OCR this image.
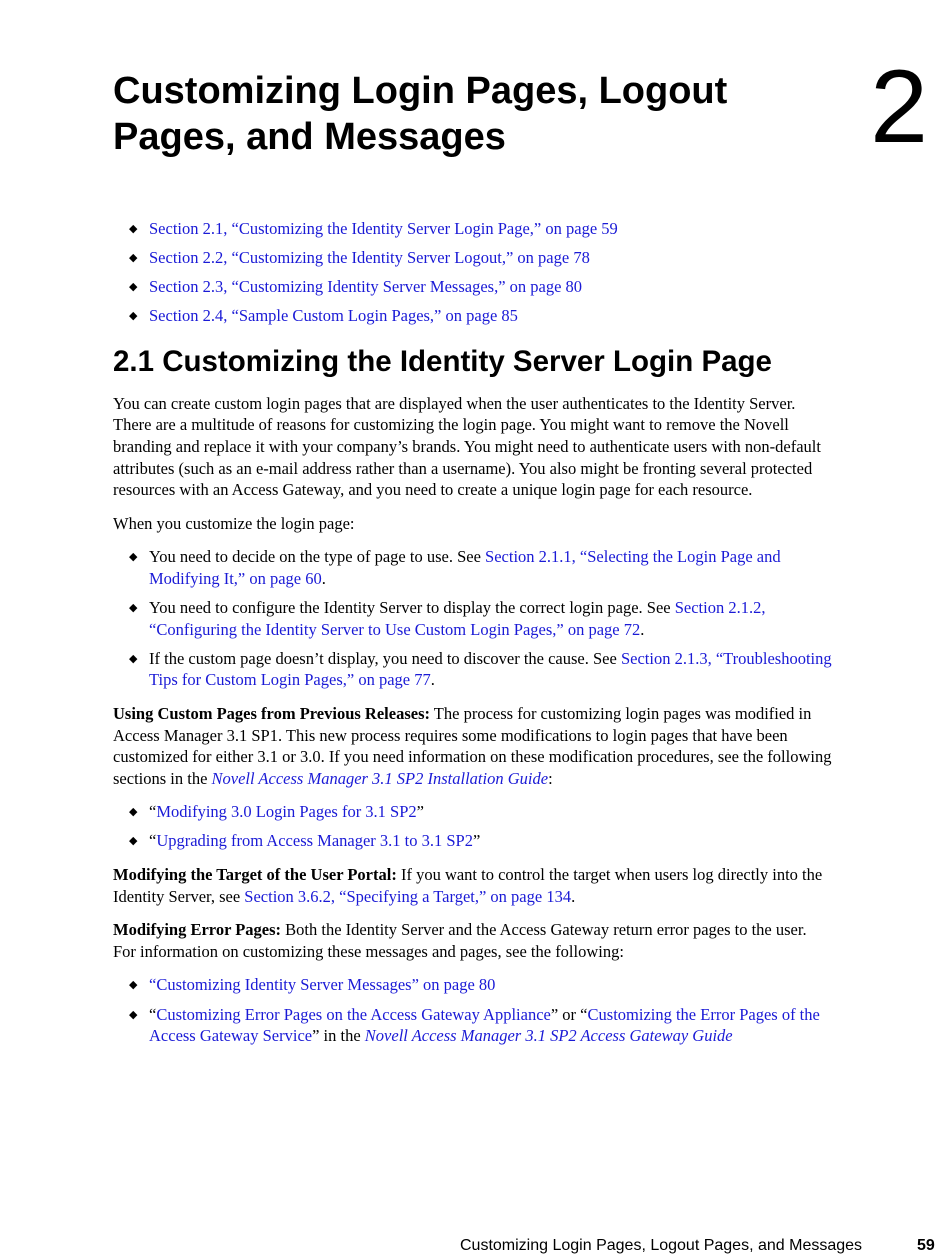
Customizing Login Pages, Logout Pages, and Messages	2
◆ Section 2.1, “Customizing the Identity Server Login Page,” on page 59
◆ Section 2.2, “Customizing the Identity Server Logout,” on page 78
◆ Section 2.3, “Customizing Identity Server Messages,” on page 80
◆ Section 2.4, “Sample Custom Login Pages,” on page 85
2.1 Customizing the Identity Server Login Page

You can create custom login pages that are displayed when the user authenticates to the Identity Server. There are a multitude of reasons for customizing the login page. You might want to remove the Novell branding and replace it with your company’s brands. You might need to authenticate users with non-default attributes (such as an e-mail address rather than a username). You also might be fronting several protected resources with an Access Gateway, and you need to create a unique login page for each resource.

When you customize the login page:

◆ You need to decide on the type of page to use. See Section 2.1.1, “Selecting the Login Page and Modifying It,” on page 60.
◆ You need to configure the Identity Server to display the correct login page. See Section 2.1.2, “Configuring the Identity Server to Use Custom Login Pages,” on page 72.
◆ If the custom page doesn’t display, you need to discover the cause. See Section 2.1.3, “Troubleshooting Tips for Custom Login Pages,” on page 77.

Using Custom Pages from Previous Releases: The process for customizing login pages was modified in Access Manager 3.1 SP1. This new process requires some modifications to login pages that have been customized for either 3.1 or 3.0. If you need information on these modification procedures, see the following sections in the Novell Access Manager 3.1 SP2 Installation Guide:

◆ “Modifying 3.0 Login Pages for 3.1 SP2”
◆ “Upgrading from Access Manager 3.1 to 3.1 SP2”

Modifying the Target of the User Portal: If you want to control the target when users log directly into the Identity Server, see Section 3.6.2, “Specifying a Target,” on page 134.

Modifying Error Pages: Both the Identity Server and the Access Gateway return error pages to the user. For information on customizing these messages and pages, see the following:

◆ “Customizing Identity Server Messages” on page 80
◆ “Customizing Error Pages on the Access Gateway Appliance” or “Customizing the Error Pages of the Access Gateway Service” in the Novell Access Manager 3.1 SP2 Access Gateway Guide
Customizing Login Pages, Logout Pages, and Messages	59
